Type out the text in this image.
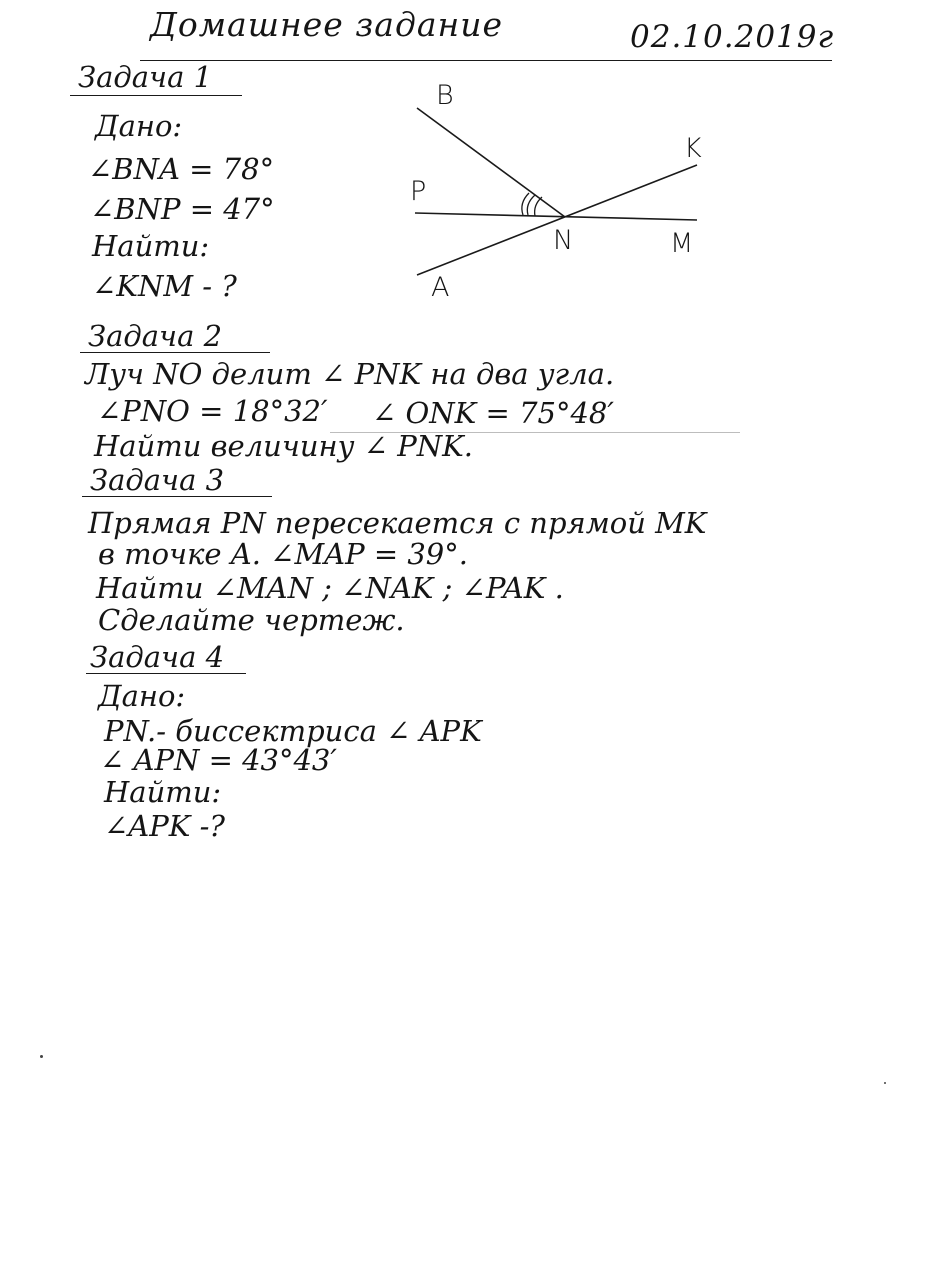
Домашнее задание	02.10.2019г
Задача 1
Дано:
∠BNA = 78°
∠BNP = 47°
Найти:
∠KNM - ?
B
K
P
N	M
A
Задача 2
Луч NO делит ∠ PNK на два угла.
∠PNO = 18°32′ ∠ ONK = 75°48′
Найти величину ∠ PNK.
Задача 3
Прямая PN пересекается с прямой MK
в точке A. ∠MAP = 39°.
Найти ∠MAN ; ∠NAK ; ∠PAK .
Сделайте чертеж.
Задача 4
Дано:
PN.- биссектриса ∠ APK
∠ APN = 43°43′
Найти:
∠APK -?
